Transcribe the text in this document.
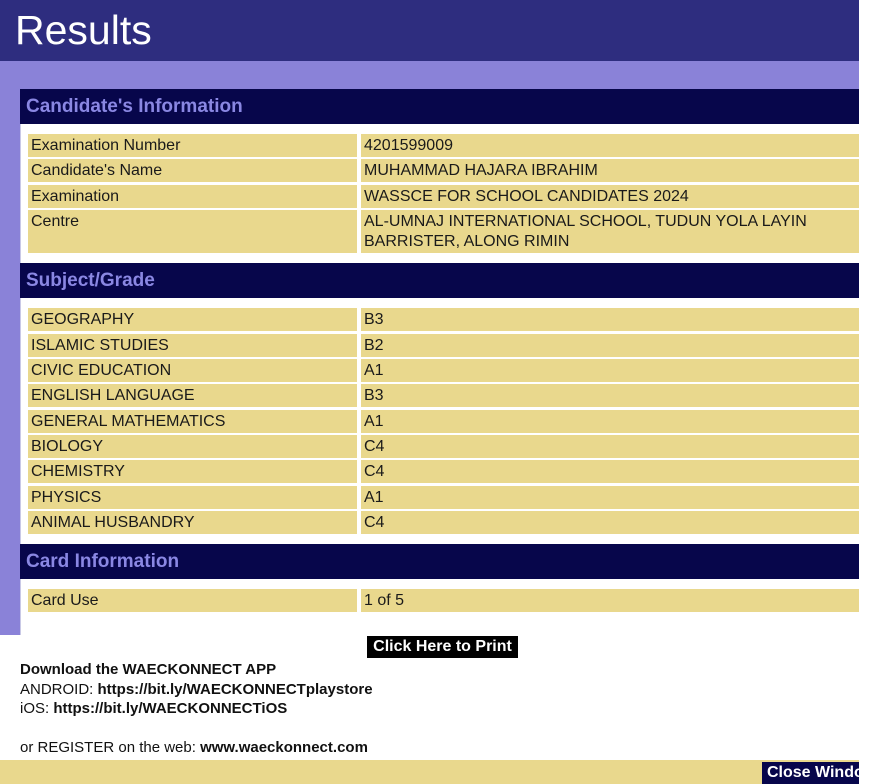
Results
Candidate's Information
Examination Number	4201599009
Candidate's Name	MUHAMMAD HAJARA IBRAHIM
Examination	WASSCE FOR SCHOOL CANDIDATES 2024
Centre	AL-UMNAJ INTERNATIONAL SCHOOL, TUDUN YOLA LAYIN BARRISTER, ALONG RIMIN
Subject/Grade
GEOGRAPHY	B3
ISLAMIC STUDIES	B2
CIVIC EDUCATION	A1
ENGLISH LANGUAGE	B3
GENERAL MATHEMATICS	A1
BIOLOGY	C4
CHEMISTRY	C4
PHYSICS	A1
ANIMAL HUSBANDRY	C4
Card Information
Card Use	1 of 5
Click Here to Print
Download the WAECKONNECT APP
ANDROID: https://bit.ly/WAECKONNECTplaystore
iOS: https://bit.ly/WAECKONNECTiOS
or REGISTER on the web: www.waeckonnect.com
Close Window
